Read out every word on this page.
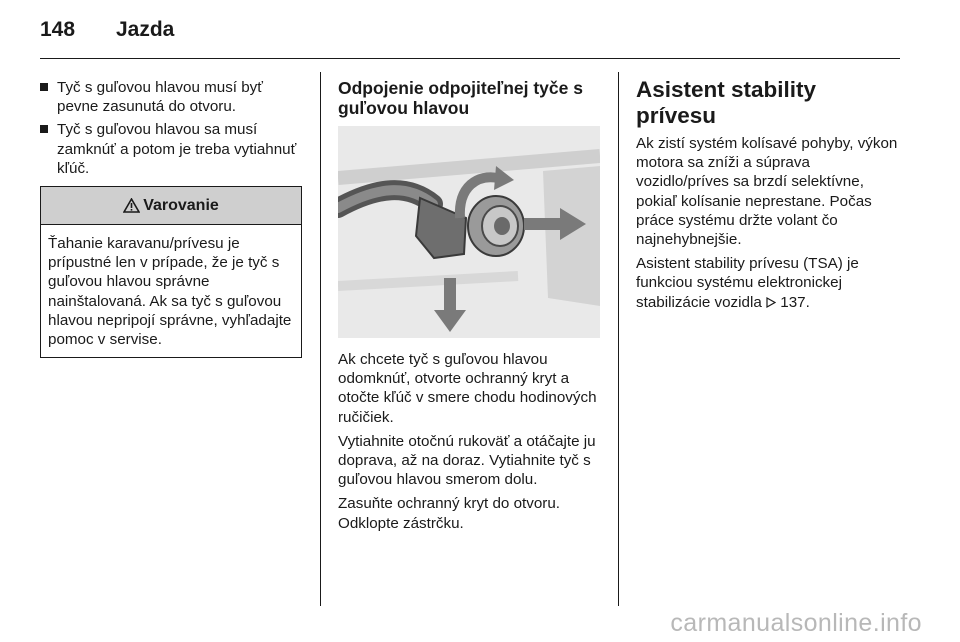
148	Jazda
Tyč s guľovou hlavou musí byť pevne zasunutá do otvoru.
Tyč s guľovou hlavou sa musí zamknúť a potom je treba vytiahnuť kľúč.
Varovanie
Ťahanie karavanu/prívesu je prípustné len v prípade, že je tyč s guľovou hlavou správne nainštalovaná. Ak sa tyč s guľovou hlavou nepripojí správne, vyhľadajte pomoc v servise.
Odpojenie odpojiteľnej tyče s guľovou hlavou

Ak chcete tyč s guľovou hlavou odomknúť, otvorte ochranný kryt a otočte kľúč v smere chodu hodinových ručičiek.

Vytiahnite otočnú rukoväť a otáčajte ju doprava, až na doraz. Vytiahnite tyč s guľovou hlavou smerom dolu.

Zasuňte ochranný kryt do otvoru. Odklopte zástrčku.

Asistent stability prívesu

Ak zistí systém kolísavé pohyby, výkon motora sa zníži a súprava vozidlo/príves sa brzdí selektívne, pokiaľ kolísanie neprestane. Počas práce systému držte volant čo najnehybnejšie.

Asistent stability prívesu (TSA) je funkciou systému elektronickej stabilizácie vozidla 137.

carmanualsonline.info
